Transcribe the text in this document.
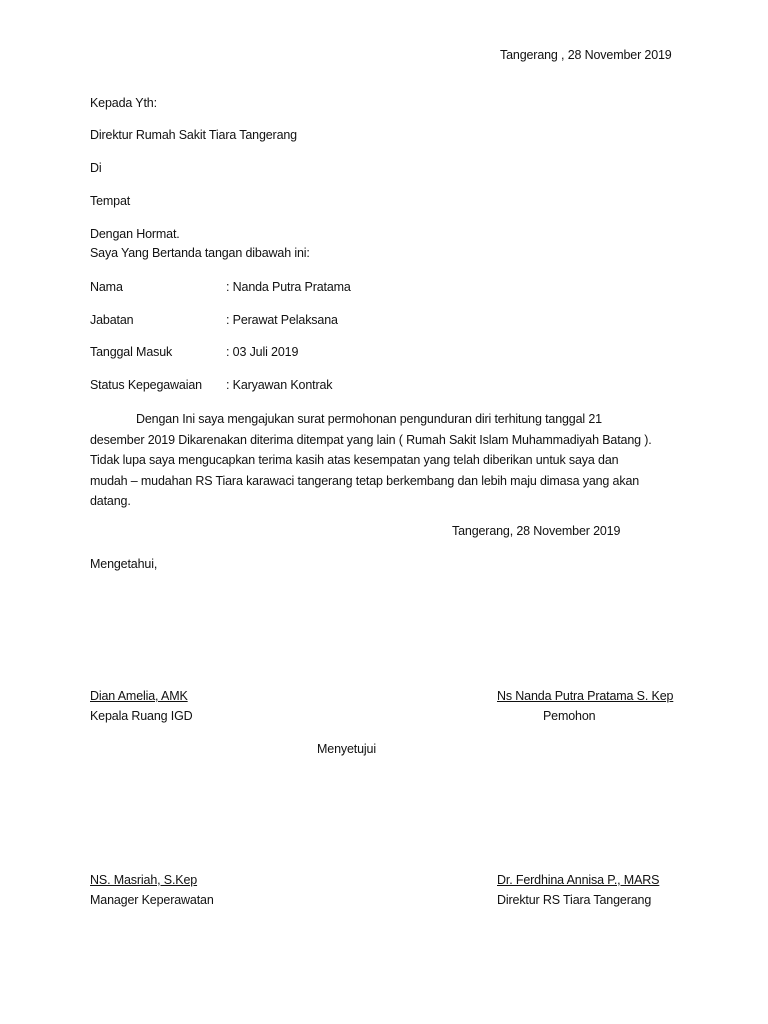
Tangerang , 28 November 2019
Kepada Yth:
Direktur Rumah Sakit Tiara Tangerang
Di
Tempat
Dengan Hormat.
Saya Yang Bertanda tangan dibawah ini:
Nama	: Nanda Putra Pratama
Jabatan	: Perawat Pelaksana
Tanggal Masuk	: 03 Juli 2019
Status Kepegawaian : Karyawan Kontrak
Dengan Ini saya mengajukan surat permohonan pengunduran diri terhitung tanggal 21
desember 2019 Dikarenakan diterima ditempat yang lain ( Rumah Sakit Islam Muhammadiyah Batang ).
Tidak lupa saya mengucapkan terima kasih atas kesempatan yang telah diberikan untuk saya dan
mudah – mudahan RS Tiara karawaci tangerang tetap berkembang dan lebih maju dimasa yang akan
datang.
Tangerang, 28 November 2019
Mengetahui,
Dian Amelia, AMK
Kepala Ruang IGD
Ns Nanda Putra Pratama S. Kep
Pemohon
Menyetujui
NS. Masriah, S.Kep
Manager Keperawatan
Dr. Ferdhina Annisa P., MARS
Direktur RS Tiara Tangerang
